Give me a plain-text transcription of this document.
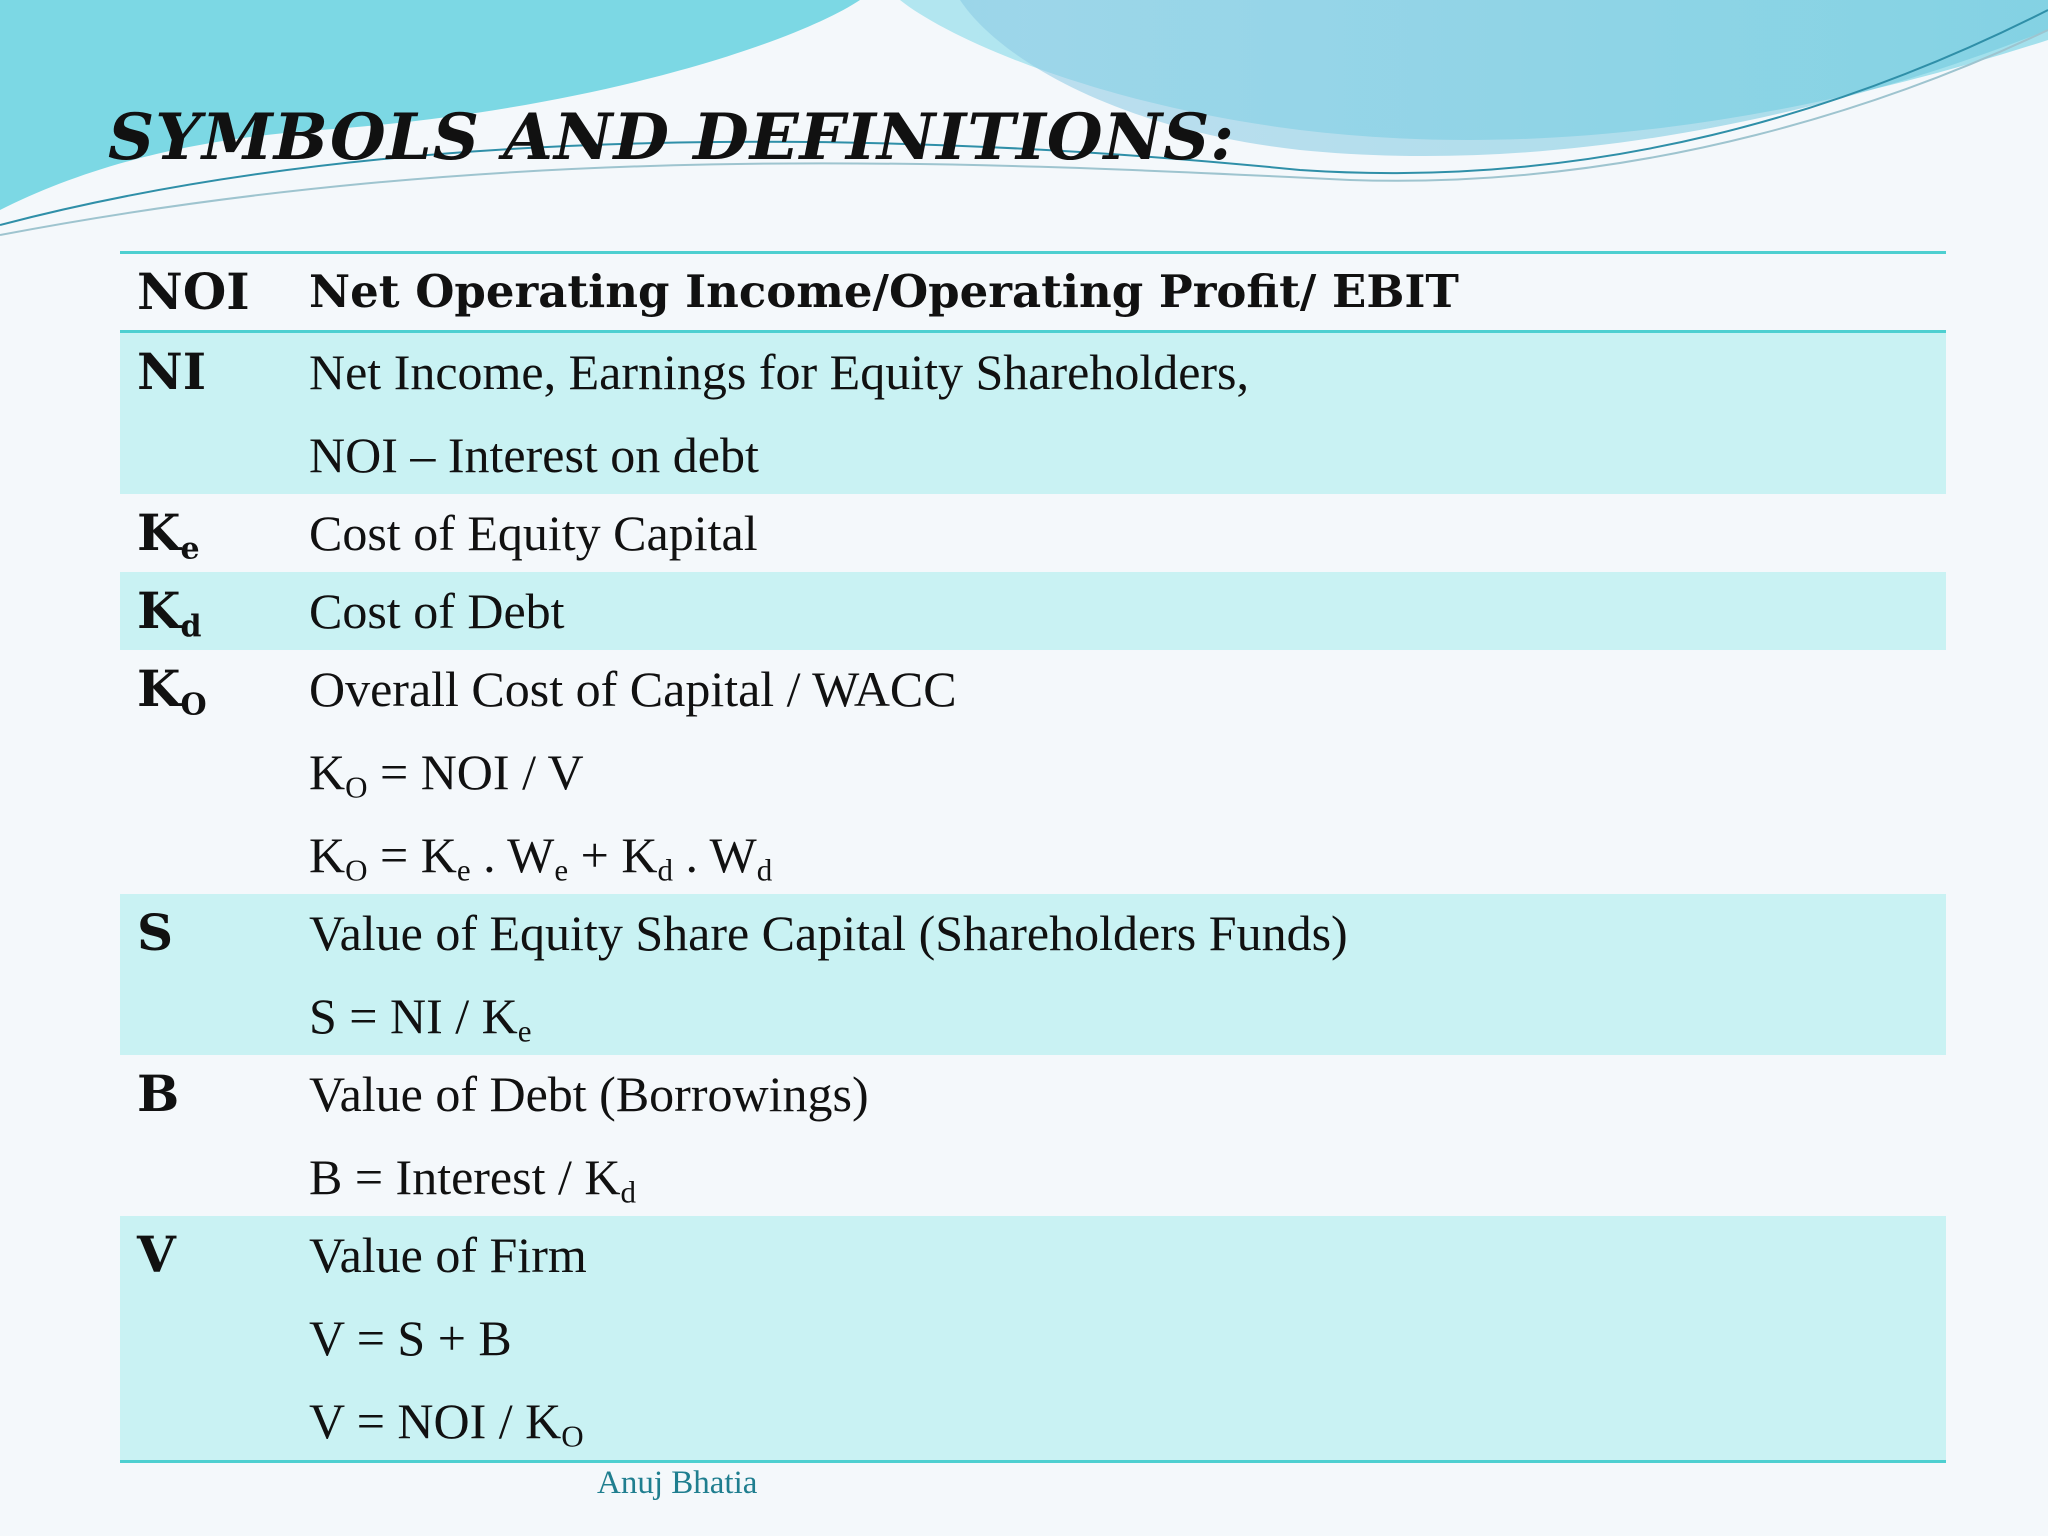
SYMBOLS AND DEFINITIONS:
NOI	Net Operating Income/Operating Profit/ EBIT
NI	Net Income, Earnings for Equity Shareholders,
NOI – Interest on debt
$K_e$	Cost of Equity Capital
$K_d$	Cost of Debt
$K_O$	Overall Cost of Capital / WACC
$K_O$ = NOI / V
$K_O = K_e$ . $W_e + K_d$ . $W_d$
S	Value of Equity Share Capital (Shareholders Funds)
S = NI / $K_e$
B	Value of Debt (Borrowings)
B = Interest / $K_d$
V	Value of Firm
V = S + B
V = NOI / $K_O$
Anuj Bhatia
